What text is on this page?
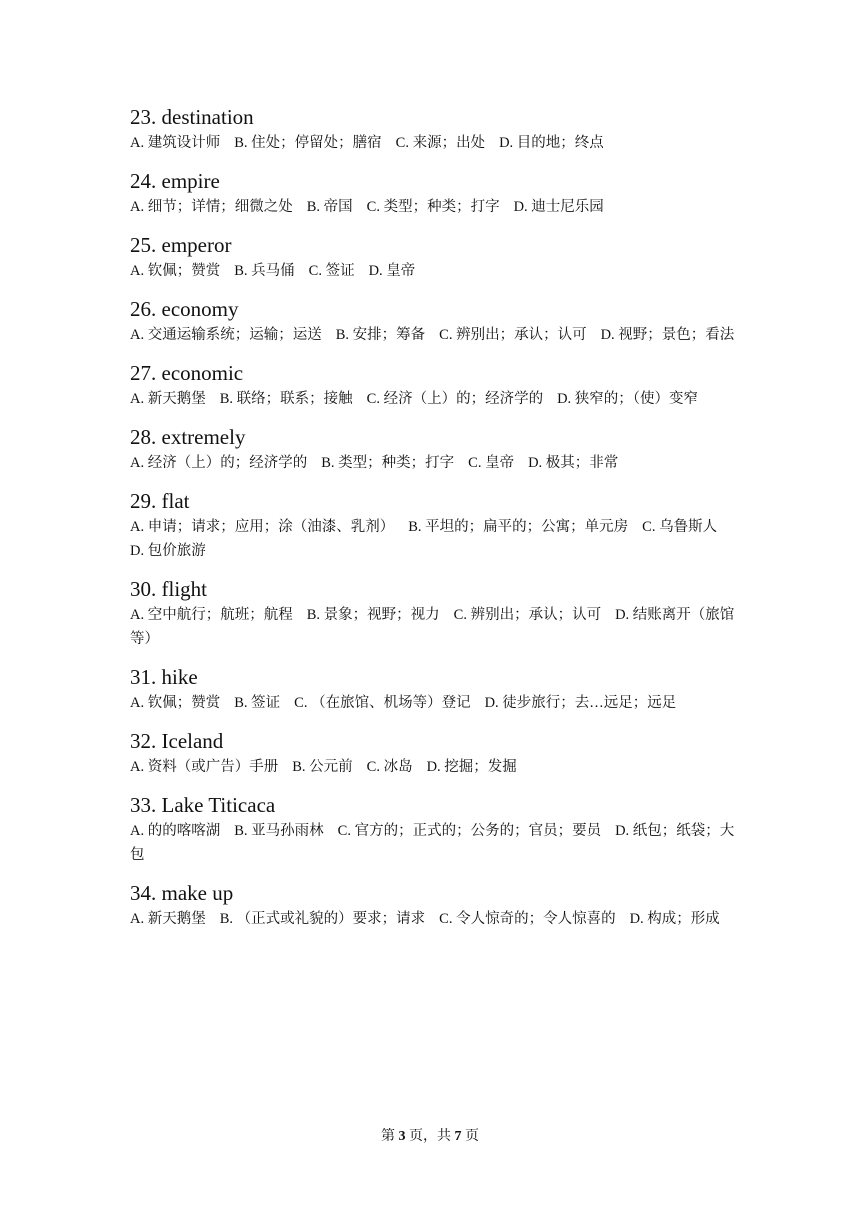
23. destination
A. 建筑设计师 B. 住处；停留处；膳宿 C. 来源；出处 D. 目的地；终点
24. empire
A. 细节；详情；细微之处 B. 帝国 C. 类型；种类；打字 D. 迪士尼乐园
25. emperor
A. 钦佩；赞赏 B. 兵马俑 C. 签证 D. 皇帝
26. economy
A. 交通运输系统；运输；运送 B. 安排；筹备 C. 辨别出；承认；认可 D. 视野；景色；看法
27. economic
A. 新天鹅堡 B. 联络；联系；接触 C. 经济（上）的；经济学的 D. 狭窄的；（使）变窄
28. extremely
A. 经济（上）的；经济学的 B. 类型；种类；打字 C. 皇帝 D. 极其；非常
29. flat
A. 申请；请求；应用；涂（油漆、乳剂） B. 平坦的；扁平的；公寓；单元房 C. 乌鲁斯人D. 包价旅游
30. flight
A. 空中航行；航班；航程 B. 景象；视野；视力 C. 辨别出；承认；认可 D. 结账离开（旅馆等）
31. hike
A. 钦佩；赞赏 B. 签证 C. （在旅馆、机场等）登记 D. 徒步旅行；去…远足；远足
32. Iceland
A. 资料（或广告）手册 B. 公元前 C. 冰岛 D. 挖掘；发掘
33. Lake Titicaca
A. 的的喀喀湖 B. 亚马孙雨林 C. 官方的；正式的；公务的；官员；要员 D. 纸包；纸袋；大包
34. make up
A. 新天鹅堡 B. （正式或礼貌的）要求；请求 C. 令人惊奇的；令人惊喜的 D. 构成；形成
第 3 页，共 7 页
